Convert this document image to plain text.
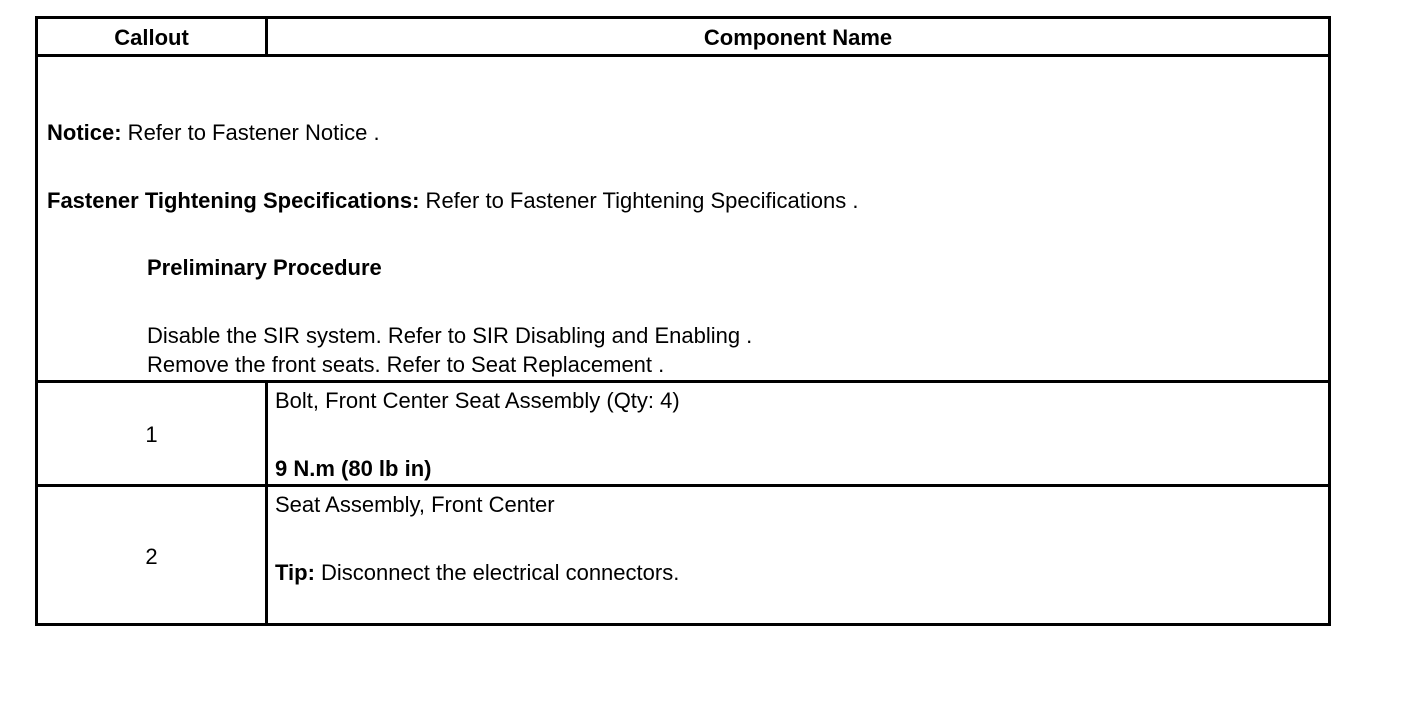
Callout	Component Name
Notice: Refer to Fastener Notice .
Fastener Tightening Specifications: Refer to Fastener Tightening Specifications .
Preliminary Procedure
Disable the SIR system. Refer to SIR Disabling and Enabling .
Remove the front seats. Refer to Seat Replacement .
1
Bolt, Front Center Seat Assembly (Qty: 4)
9 N.m (80 lb in)
2
Seat Assembly, Front Center
Tip: Disconnect the electrical connectors.
